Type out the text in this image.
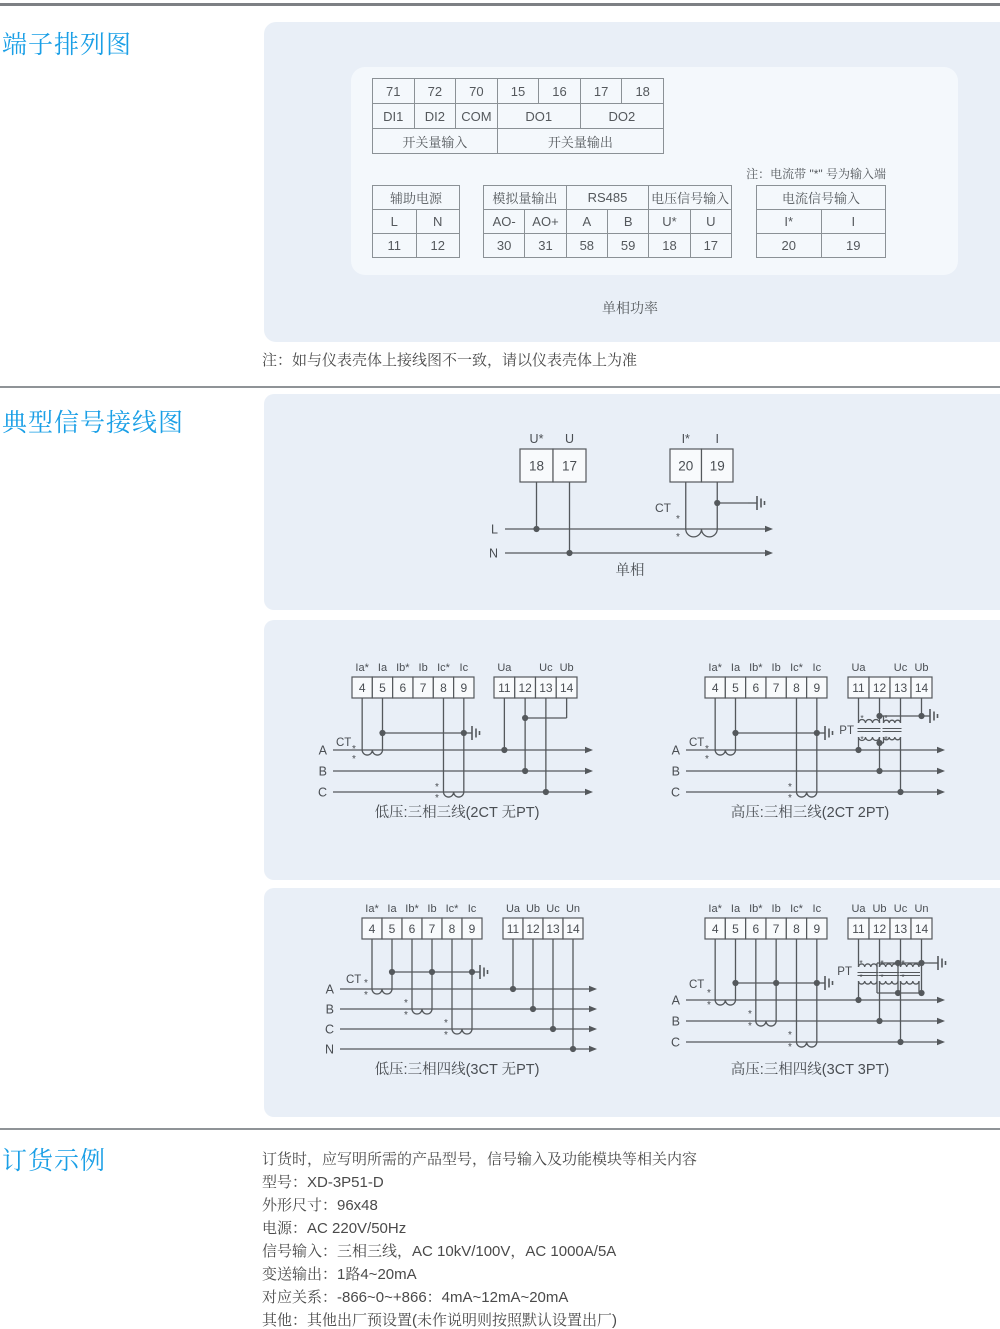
端子排列图
71	72	70	15	16	17	18
DI1	DI2	COM	DO1		DO2	
开关量输入			开关量输出			
注：电流带 "*" 号为输入端
辅助电源	
L	N
11	12
模拟量输出		RS485		电压信号输入	
AO-	AO+	A	B	U*	U
30	31	58	59	18	17
电流信号输入	
I*	I
20	19
单相功率
注：如与仪表壳体上接线图不一致，请以仪表壳体上为准
典型信号接线图
L
N
18
U*
17
U
20
I*
19
I
CT
*
*
单相
A
B
C
4
Ia*
5
Ia
6
Ib*
7
Ib
8
Ic*
9
Ic
11
Ua
12 13
Uc
14
Ub
CT
*
*
*
*
低压:三相三线(2CT 无PT)
A
B
C
4
Ia*
5
Ia
6
Ib*
7
Ib
8
Ic*
9
Ic
11
Ua
12 13
Uc
14
Ub
CT
*
*
*
*
* *
* *
PT
高压:三相三线(2CT 2PT)
A
B
C
N
4
Ia*
5
Ia
6
Ib*
7
Ib
8
Ic*
9
Ic
11
Ua
12
Ub
13
Uc
14
Un
CT *
*
*
*
*
*
低压:三相四线(3CT 无PT)
A
B
C
4
Ia*
5
Ia
6
Ib*
7
Ib
8
Ic*
9
Ic
11
Ua
12
Ub
13
Uc
14
Un
CT
*
*
*
*
*
*
* * *
* * *
PT
高压:三相四线(3CT 3PT)
订货示例	订货时，应写明所需的产品型号，信号输入及功能模块等相关内容

型号：XD-3P51-D

外形尺寸：96x48

电源：AC 220V/50Hz

信号输入：三相三线，AC 10kV/100V，AC 1000A/5A

变送输出：1路4~20mA

对应关系：-866~0~+866：4mA~12mA~20mA

其他：其他出厂预设置(未作说明则按照默认设置出厂)
